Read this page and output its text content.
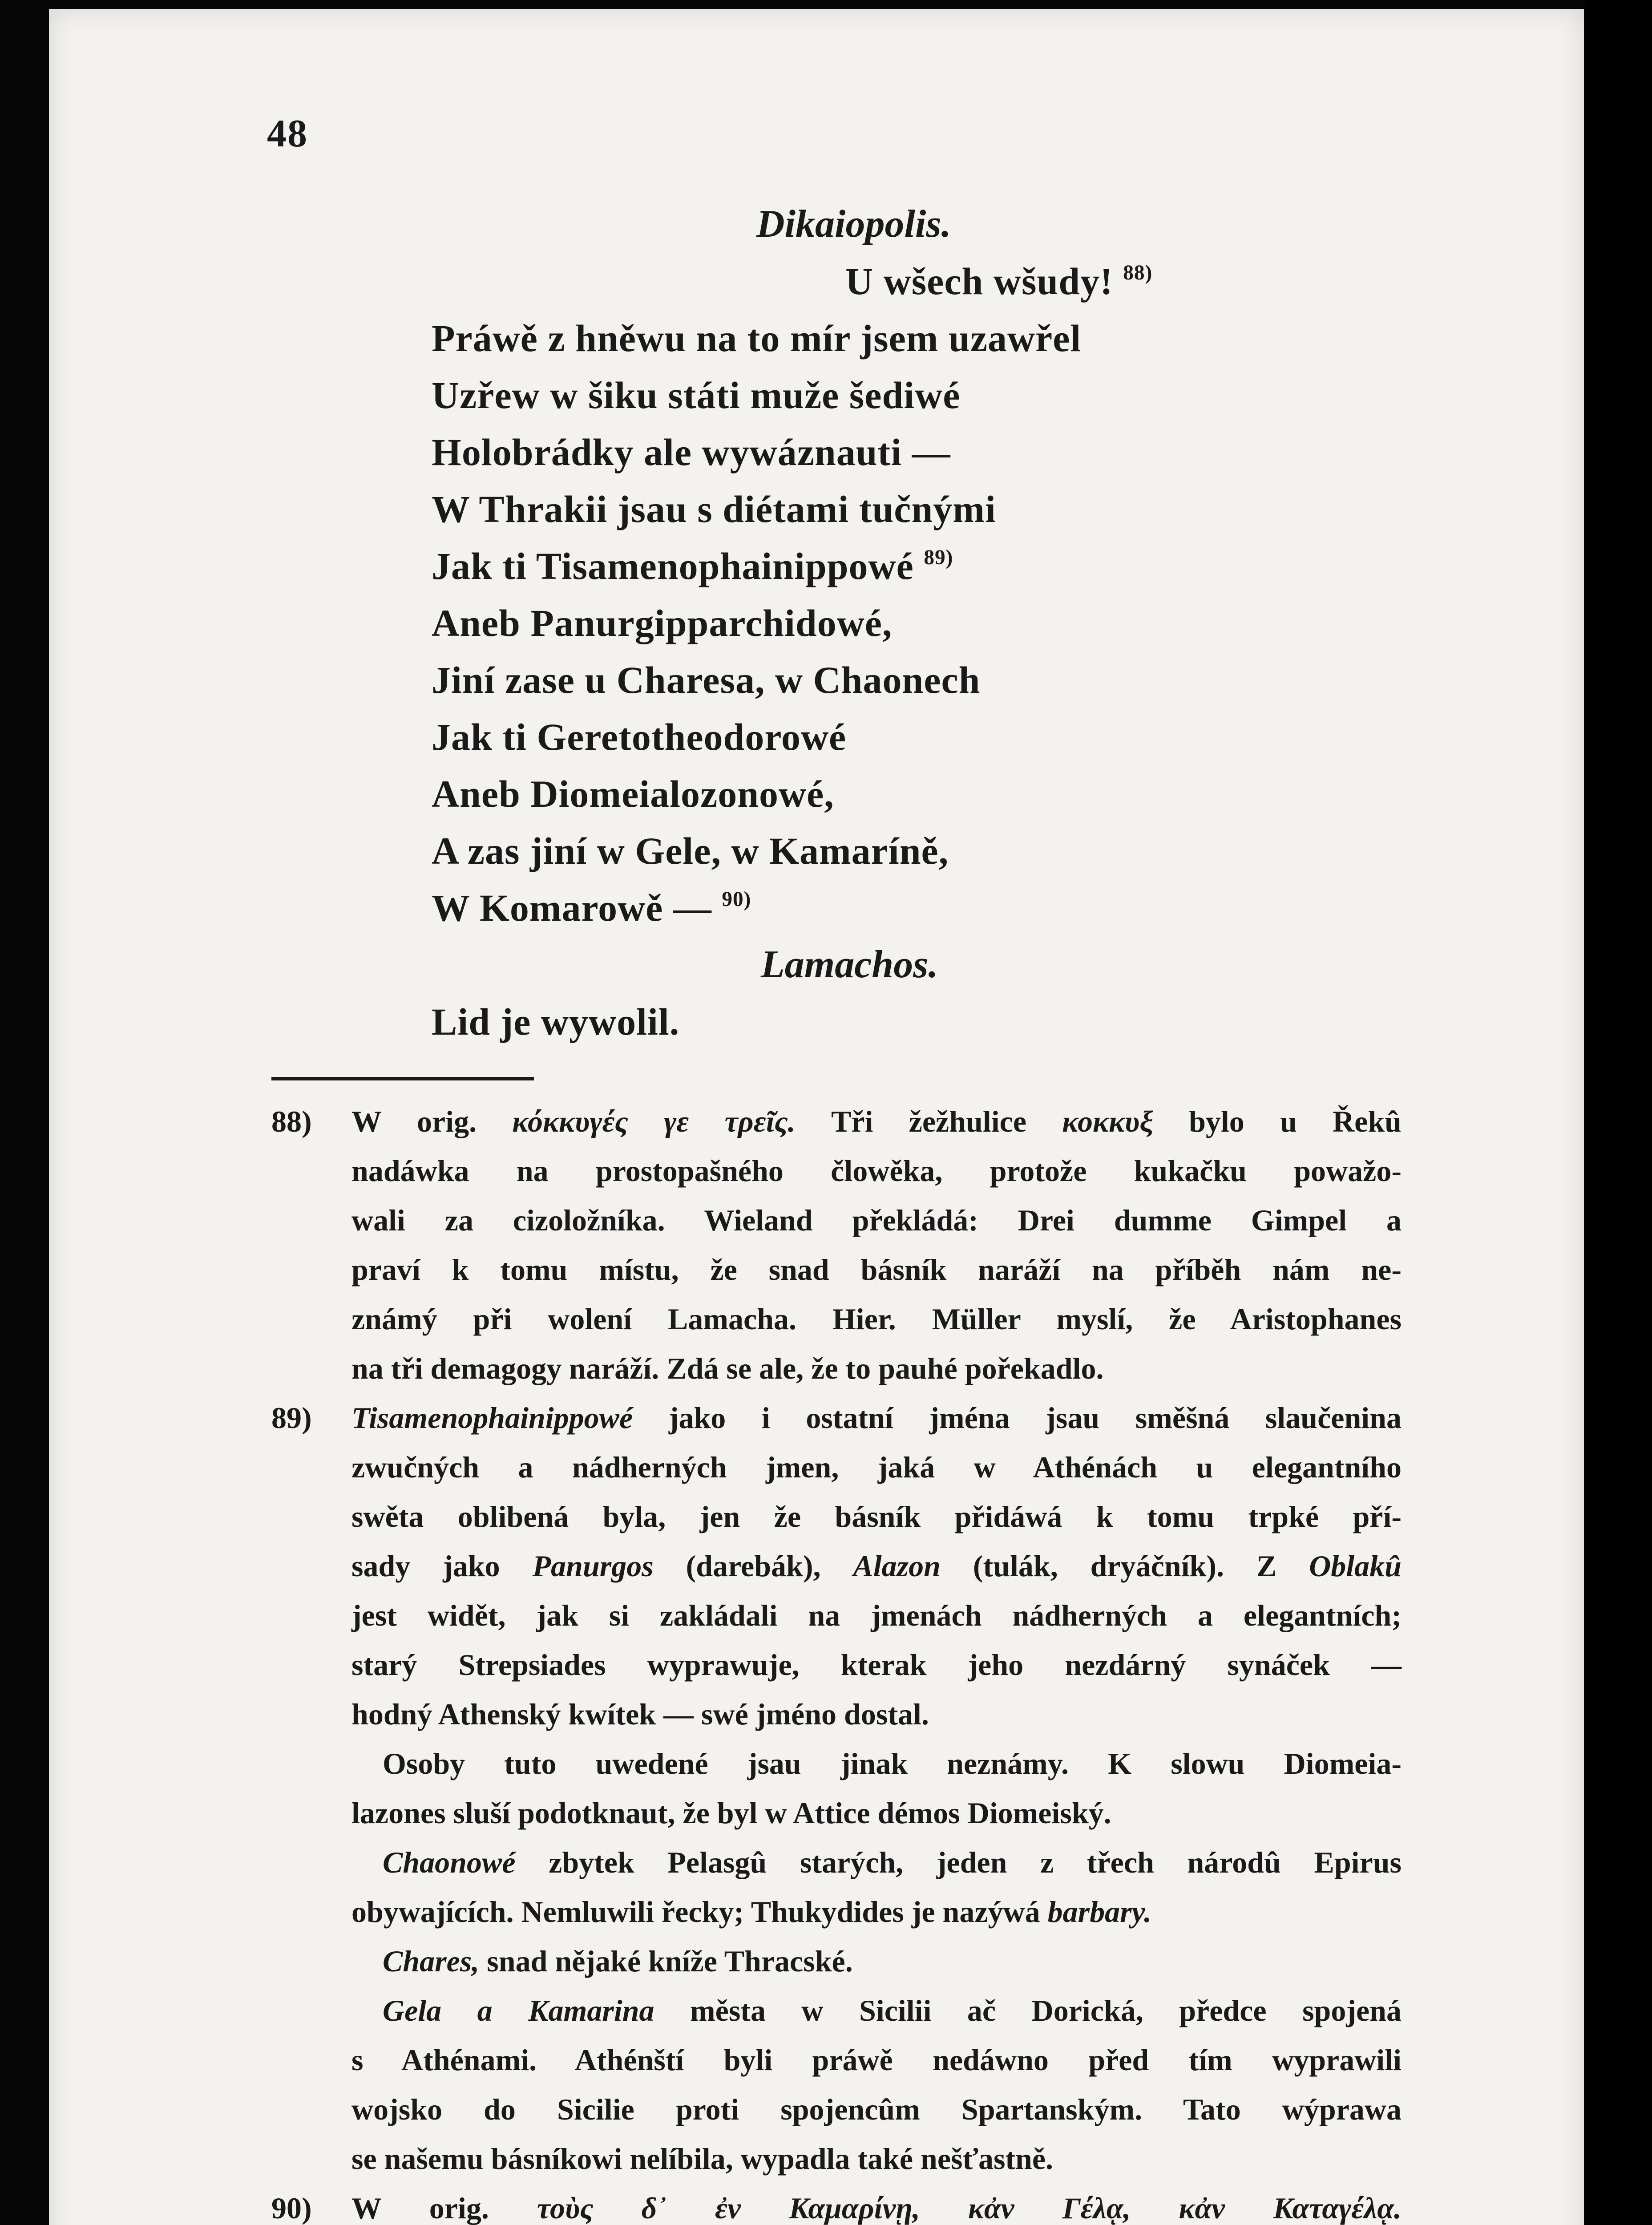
48
Dikaiopolis.
U wšech wšudy! $^{88)}$
Práwě z hněwu na to mír jsem uzawřel
Uzřew w šiku státi muže šediwé
Holobrádky ale wywáznauti —
W Thrakii jsau s diétami tučnými
Jak ti Tisamenophainippowé $^{89)}$
Aneb Panurgipparchidowé,
Jiní zase u Charesa, w Chaonech
Jak ti Geretotheodorowé
Aneb Diomeialozonowé,
A zas jiní w Gele, w Kamaríně,
W Komarowě — $^{90)}$
Lamachos.
Lid je wywolil.
88)	W orig. κόκκυγές γε τρεῖς. Tři žežhulice κοκκυξ bylo u Řekû
nadáwka na prostopašného člowěka, protože kukačku powažo-
wali za cizoložníka. Wieland překládá: Drei dumme Gimpel a
praví k tomu místu, že snad básník naráží na příběh nám ne-
známý při wolení Lamacha. Hier. Müller myslí, že Aristophanes
na tři demagogy naráží. Zdá se ale, že to pauhé pořekadlo.
89)	Tisamenophainippowé jako i ostatní jména jsau směšná slaučenina
zwučných a nádherných jmen, jaká w Athénách u elegantního
swěta oblibená byla, jen že básník přidáwá k tomu trpké pří-
sady jako Panurgos (darebák), Alazon (tulák, dryáčník). Z Oblakû
jest widět, jak si zakládali na jmenách nádherných a elegantních;
starý Strepsiades wyprawuje, kterak jeho nezdárný synáček —
hodný Athenský kwítek — swé jméno dostal.
Osoby tuto uwedené jsau jinak neznámy. K slowu Diomeia-
lazones sluší podotknaut, že byl w Attice démos Diomeiský.
Chaonowé zbytek Pelasgû starých, jeden z třech národû Epirus
obywajících. Nemluwili řecky; Thukydides je nazýwá barbary.
Chares, snad nějaké kníže Thracské.
Gela a Kamarina města w Sicilii ač Dorická, předce spojená
s Athénami. Athénští byli práwě nedáwno před tím wyprawili
wojsko do Sicilie proti spojencûm Spartanským. Tato wýprawa
se našemu básníkowi nelíbila, wypadla také nešťastně.
90)	W orig. τοὺς δ᾽ ἐν Καμαρίνῃ, κἀν Γέλᾳ, κἀν Καταγέλᾳ.
